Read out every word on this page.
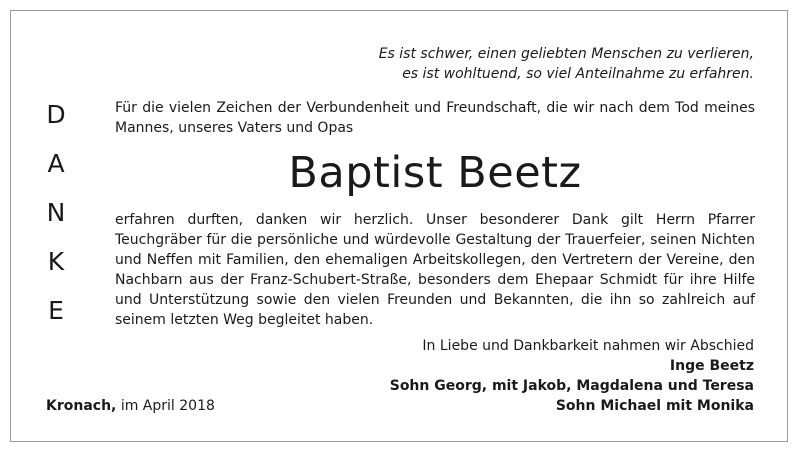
Es ist schwer, einen geliebten Menschen zu verlieren,
es ist wohltuend, so viel Anteilnahme zu erfahren.
D
A
N
K
E
Für die vielen Zeichen der Verbundenheit und Freundschaft, die wir nach dem Tod meines Mannes, unseres Vaters und Opas
Baptist Beetz
erfahren durften, danken wir herzlich. Unser besonderer Dank gilt Herrn Pfarrer Teuchgräber für die persönliche und würdevolle Gestaltung der Trauerfeier, seinen Nichten und Neffen mit Familien, den ehemaligen Arbeitskollegen, den Vertretern der Vereine, den Nachbarn aus der Franz-Schubert-Straße, besonders dem Ehepaar Schmidt für ihre Hilfe und Unterstützung sowie den vielen Freunden und Bekannten, die ihn so zahlreich auf seinem letzten Weg begleitet haben.
In Liebe und Dankbarkeit nahmen wir Abschied
Inge Beetz
Sohn Georg, mit Jakob, Magdalena und Teresa
Sohn Michael mit Monika
Kronach, im April 2018
